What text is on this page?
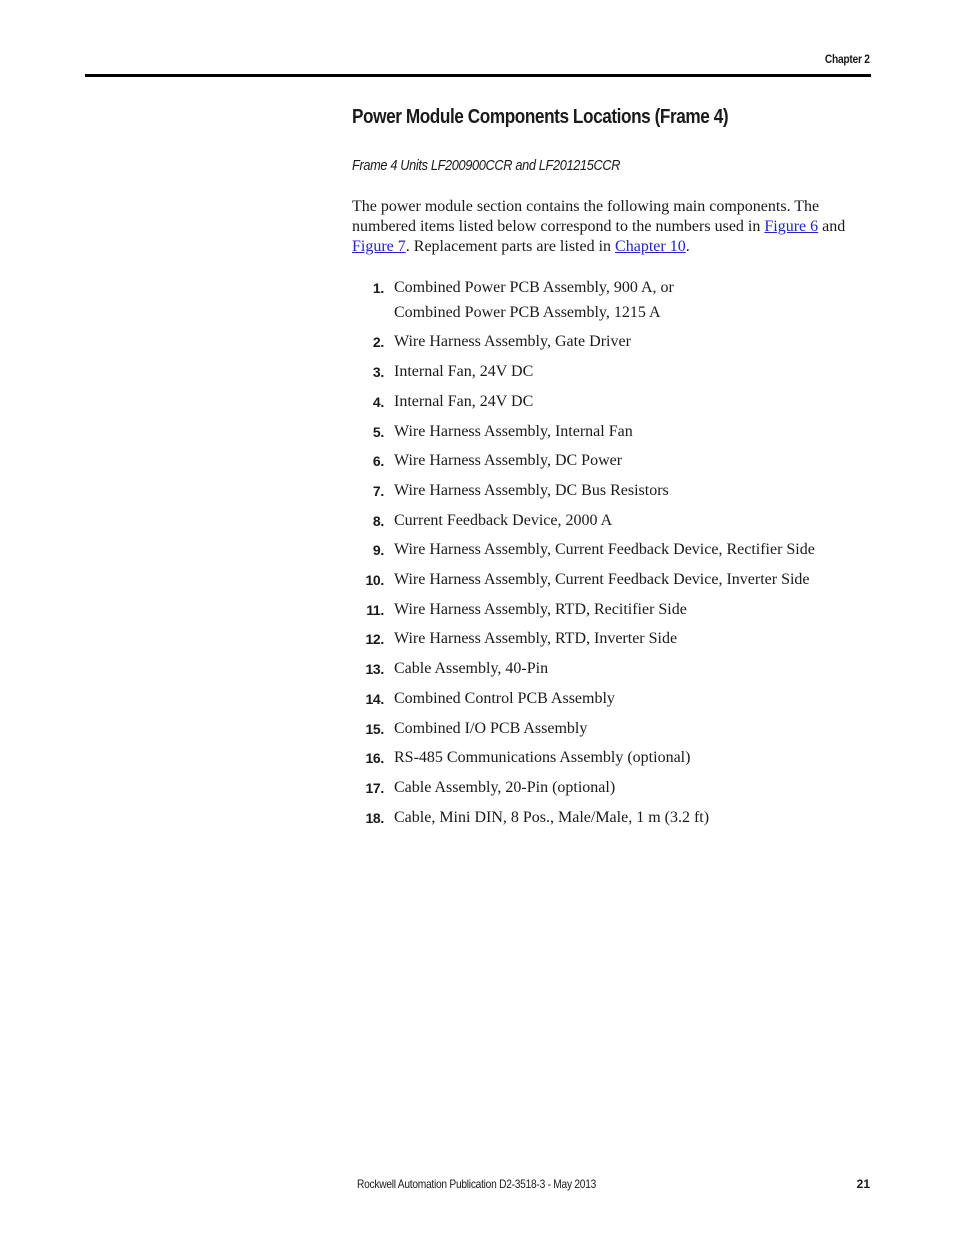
Chapter 2
Power Module Components Locations (Frame 4)
Frame 4 Units LF200900CCR and LF201215CCR

The power module section contains the following main components. The numbered items listed below correspond to the numbers used in Figure 6 and Figure 7. Replacement parts are listed in Chapter 10.

1. Combined Power PCB Assembly, 900 A, or
Combined Power PCB Assembly, 1215 A
2. Wire Harness Assembly, Gate Driver
3. Internal Fan, 24V DC
4. Internal Fan, 24V DC
5. Wire Harness Assembly, Internal Fan
6. Wire Harness Assembly, DC Power
7. Wire Harness Assembly, DC Bus Resistors
8. Current Feedback Device, 2000 A
9. Wire Harness Assembly, Current Feedback Device, Rectifier Side
10. Wire Harness Assembly, Current Feedback Device, Inverter Side
11. Wire Harness Assembly, RTD, Recitifier Side
12. Wire Harness Assembly, RTD, Inverter Side
13. Cable Assembly, 40-Pin
14. Combined Control PCB Assembly
15. Combined I/O PCB Assembly
16. RS-485 Communications Assembly (optional)
17. Cable Assembly, 20-Pin (optional)
18. Cable, Mini DIN, 8 Pos., Male/Male, 1 m (3.2 ft)
Rockwell Automation Publication D2-3518-3 - May 2013	21
